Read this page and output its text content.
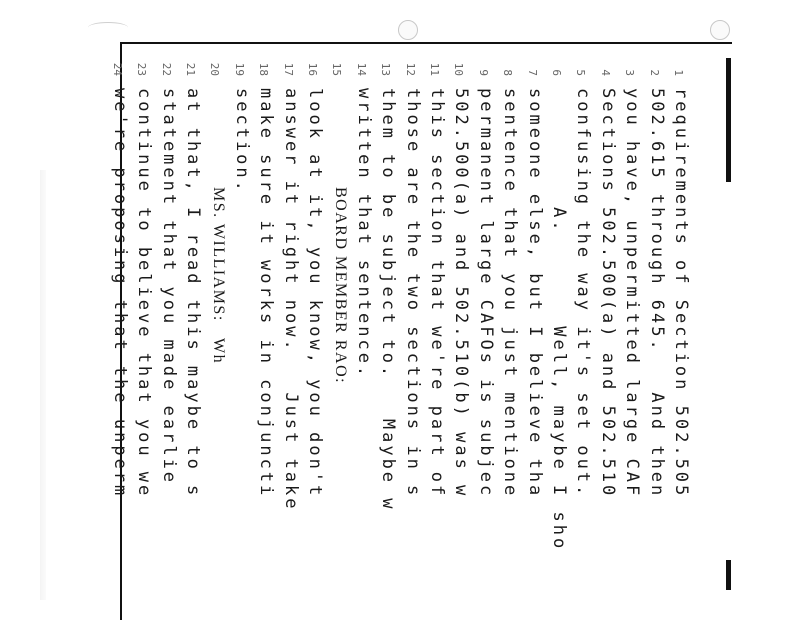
1
requirements of Section 502.505
2
502.615 through 645.   And then
3
you have, unpermitted large CAF
4
Sections 502.500(a) and 502.510
5
confusing the way it's set out.
6
A.       Well, maybe I sho
7
someone else, but I believe tha
8
sentence that you just mentione
9
permanent large CAFOs is subjec
10
502.500(a) and 502.510(b) was w
11
this section that we're part of
12
those are the two sections in s
13
them to be subject to.   Maybe w
14
written that sentence.
15
BOARD MEMBER RAO:
16
look at it, you know, you don't
17
answer it right now.   Just take
18
make sure it works in conjuncti
19
section.
20
MS. WILLIAMS:   Wh
21
at that, I read this maybe to s
22
statement that you made earlie
23
continue to believe that you we
24
we're proposing that the unperm
